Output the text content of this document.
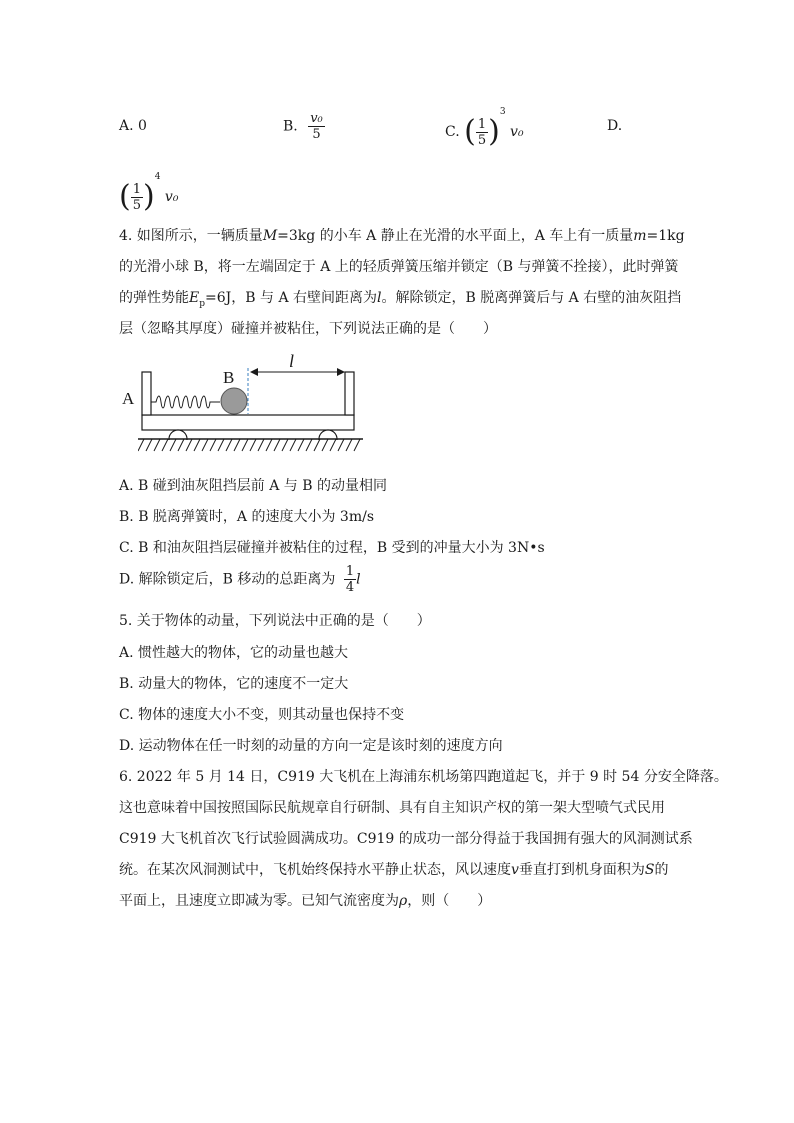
A. 0	B. $\frac{\text{v₀}}{5}$	C. ( $\frac{1}{5} )^3$ v₀	D.
( $\frac{1}{5} )^4$ v₀
4. 如图所示，一辆质量M=3kg 的小车 A 静止在光滑的水平面上，A 车上有一质量m=1kg
的光滑小球 B，将一左端固定于 A 上的轻质弹簧压缩并锁定（B 与弹簧不拴接），此时弹簧
的弹性势能$E_p=6J$，B 与 A 右壁间距离为l。解除锁定，B 脱离弹簧后与 A 右壁的油灰阻挡
层（忽略其厚度）碰撞并被粘住，下列说法正确的是（　　）
A
B
l
A. B 碰到油灰阻挡层前 A 与 B 的动量相同
B. B 脱离弹簧时，A 的速度大小为 3m/s
C. B 和油灰阻挡层碰撞并被粘住的过程，B 受到的冲量大小为 3N•s
D. 解除锁定后，B 移动的总距离为 $\frac{1}{4}$ l
5. 关于物体的动量，下列说法中正确的是（　　）
A. 惯性越大的物体，它的动量也越大
B. 动量大的物体，它的速度不一定大
C. 物体的速度大小不变，则其动量也保持不变
D. 运动物体在任一时刻的动量的方向一定是该时刻的速度方向
6. 2022 年 5 月 14 日，C919 大飞机在上海浦东机场第四跑道起飞，并于 9 时 54 分安全降落。
这也意味着中国按照国际民航规章自行研制、具有自主知识产权的第一架大型喷气式民用
C919 大飞机首次飞行试验圆满成功。C919 的成功一部分得益于我国拥有强大的风洞测试系
统。在某次风洞测试中，飞机始终保持水平静止状态，风以速度v垂直打到机身面积为S的
平面上，且速度立即减为零。已知气流密度为ρ，则（　　）
